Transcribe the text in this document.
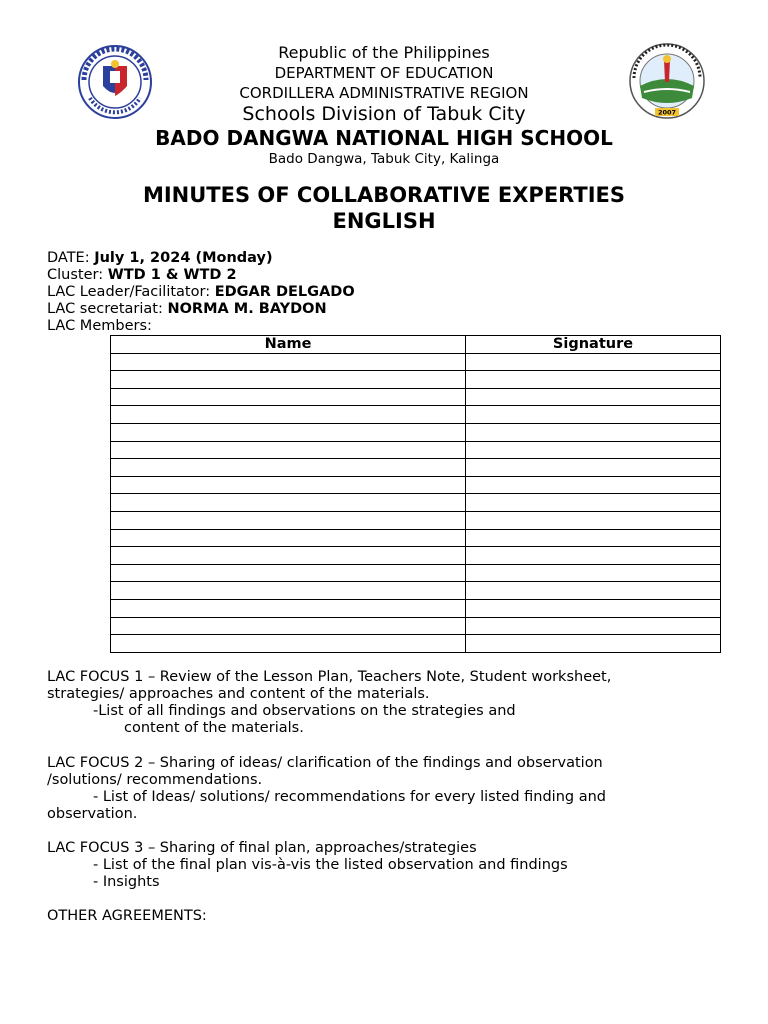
2007
Republic of the Philippines
DEPARTMENT OF EDUCATION
CORDILLERA ADMINISTRATIVE REGION
Schools Division of Tabuk City
BADO DANGWA NATIONAL HIGH SCHOOL
Bado Dangwa, Tabuk City, Kalinga
MINUTES OF COLLABORATIVE EXPERTIES
ENGLISH
DATE: July 1, 2024 (Monday)
Cluster: WTD 1 & WTD 2
LAC Leader/Facilitator: EDGAR DELGADO
LAC secretariat: NORMA M. BAYDON
LAC Members:
Name	Signature

LAC FOCUS 1 – Review of the Lesson Plan, Teachers Note, Student worksheet,
strategies/ approaches and content of the materials.
-List of all findings and observations on the strategies and
content of the materials.
LAC FOCUS 2 – Sharing of ideas/ clarification of the findings and observation
/solutions/ recommendations.
- List of Ideas/ solutions/ recommendations for every listed finding and
observation.
LAC FOCUS 3 – Sharing of final plan, approaches/strategies
- List of the final plan vis-à-vis the listed observation and findings
- Insights
OTHER AGREEMENTS:
